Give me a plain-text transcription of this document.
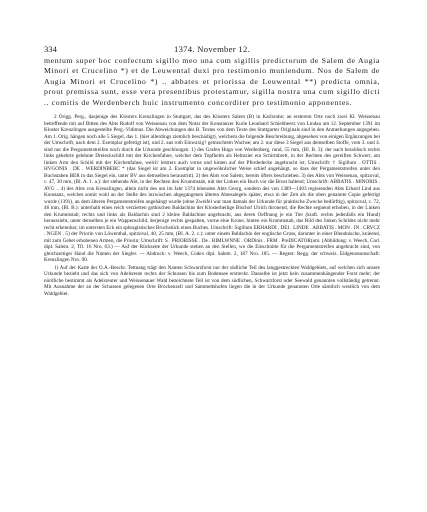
334	1374. November 12.

mentum super hoc confectum sigillo meo una cum sigillis predictorum de Salem de Augia Minori et Crucelino *) et de Leuwental duxi pro testimonio muniendum. Nos de Salem de Augia Minori et Crucelino *) .. abbates et priorissa de Leuwental **) predicta omnia, prout premissa sunt, esse vera presentibus protestamur, sigilla nostra una cum sigillo dicti .. comitis de Werdenberch huic instrumento concorditer pro testimonio apponentes.

2 Origg. Perg., dasjenige des Klosters Kreuzlingen in Stuttgart, das des Klosters Salem (B) in Karlsruhe; an ersterem Orte noch zwei Kl. Weissenau betreffende mit auf Bitten des Abts Rudolf von Weissenau von dem Notar der Konstanzer Kurie Leonhard Schiebheerz von Lindau am 12. September 1391 im Kloster Kreuzlingen ausgestellte Perg.-Vidimus. Die Abweichungen des B. Textes von dem Texte des Stuttgarter Originals sind in den Anmerkungen angegeben. Am 1. Orig. hängen noch alle 5 Siegel, das 1. (hier allerdings ziemlich beschädigt), welchem die folgende Beschreibung, abgesehen von einigen Ergänzungen bei der Umschrift, nach dem 2. Exemplar gefertigt ist), und 2. aus roth Einwaxig? gemischtem Wachse; am 2. nur diese 3 Siegel aus demselben Stoffe, vom 3. und 4. sind nur die Pergamentstreifen noch durch die Urkunde geschlungen. 1) des Grafen Hugo von Werdenberg, rund, 55 mm, (Bl. B. 3): der nach heraldisch rechts links gekehrte gelehnte Dreieckschild mit der Kirchenfahne, welcher dem Topfhelm als Helmzier ein Schirmbrett, in der Rechten des gereiften Schwert, am linken Arm den Schild mit der Kirchenfahne, welch' letzters auch vorne und hinten auf der Pferdedecke angebracht ist; Umschrift: † Sigillum . OTTIS . HVGONIS . DE . WERDINBERC * (das Siegel ist am 2. Exemplar in ungewöhnlicher Weise schief angehängt, so dass der Pergamentstreifen unter den Buchstaben BER in das Siegel ein, unter BV aus demselben heraustritt). 2) des Abts von Salem, bereits öfters beschrieben. 3) des Abts von Weissenau, spitzoval, c. 47, 30 mm, (Bl. A. 1. a.): der stehende Abt, in der Rechten den Krummstab, mit der Linken ein Buch vor die Brust haltend; Umschrift: ABBATIS . MINORIS . AVG .. 4) des Abts von Kreuzlingen, allein nicht des um im Jahr 1374 lebenden Abts Georg, sondern des von 1389—1403 regierenden Abts Erhard Lind aus Konstanz, welches somit wohl an der Stelle des inzwischen abgegangenen älteren Abtessiegels später, etwa in der Zeit als die oben genannte Copie gefertigt wurde (1391), an dem älteren Pergamentstreifen angehängt wurde (ohne Zweifel war man damals der Urkunde für praktische Zwecke bedürftig), spitzoval, c. 72, 46 mm, (Bl. B.): unterhalb eines reich verzierten gothischen Baldachins der Klosterheilige Bischof Ulrich thronend, die Rechte segnend erhoben, in der Linken den Krummstab; rechts und links als Baldachin sind 2 kleine Baldachine angebracht, aus deren Oeffnung je ein Tier (kraft. rechts jedenfalls ein Hund) heraussieht, unter denselben je ein Wappenschild, derjenige rechts gespalten, vorne eine Krone, hinten ein Krummstab, das Bild des linken Schildes nicht mehr recht erkennbar; im untersten Eck ein sphragistisches Bruchstück eines Buches. Umschrift: Sigillum ERHARDI . DEI . LINDE . ABBATIS . MON . IN . CRVCZ . NGEN . 5) der Priorin von Löwenthal, spitzoval, 40, 25 mm, (Bl. A. 2. c.): unter einem Baldachin der englische Gruss, darunter in einer Blendnische, knieend, mit zum Gebet erhobenen Armen, die Priorin; Umschrift: S . PRIORISSE . De . BIMLWNNE . ORDinis . FRM . PreDICATOR(um. (Abbildung: v. Weech, Cod. dipl. Salem. 2, Tfl. 16 Nro. 63.) — Auf der Rückseite der Urkunde stehen an den Stellen, wo die Einschnitte für die Pergamentstreifen angebracht sind, von gleichzeitiger Hand die Namen der Siegler. — Abdruck: v. Weech, Codex dipl. Salem. 2, 187 Nro. 185. — Regest: Regg. der schweiz. Eidgenossenschaft: Kreuzlingen Nro. 90.

1) Auf der Karte der O.A.-Beschr. Tettnang trägt den Namen Schwarzforst nur der südliche Teil des langgestreckten Waldgebiets, auf welchen sich unsere Urkunde bezieht und das sich von Adelsreute rechts der Schussen bis zum Bodensee erstreckt. Dasselbe ist jetzt kein zusammenhängender Forst mehr; der nördliche bestimmt als Adelsreuter und Weissenauer Wald bezeichnete Teil ist von dem südlichen, Schwarzforst oder Seewald genannten vollständig getrennt. Mit Ausnahme der an der Schussen gelegenen Orte Brochenzell und Sammeltshofen liegen die in der Urkunde genannten Orte sämtlich westlich von dem Waldgebiet.
